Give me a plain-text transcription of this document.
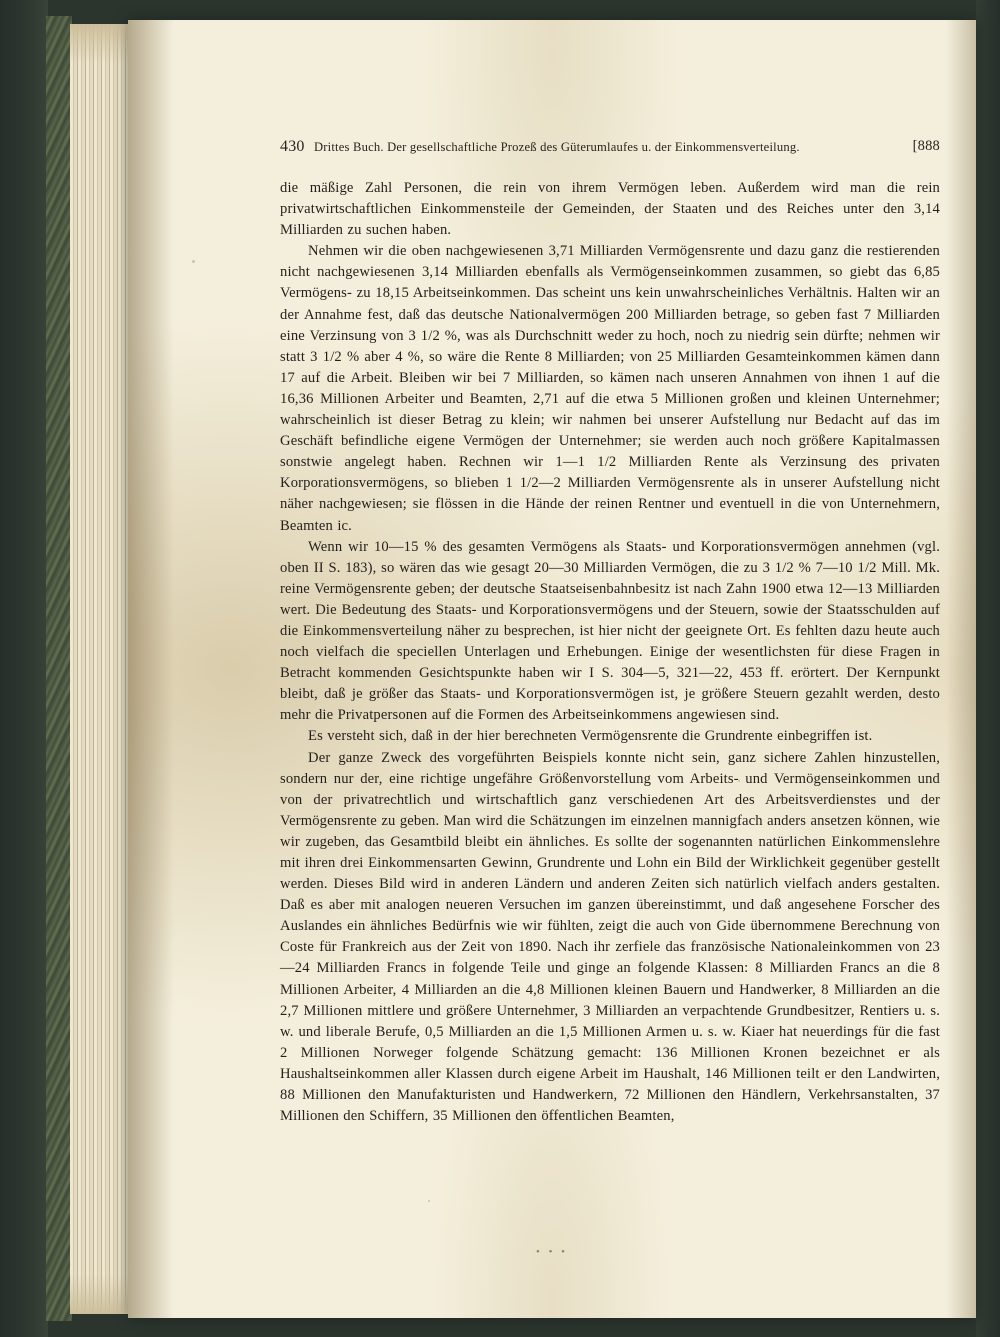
[888
430 Drittes Buch. Der gesellschaftliche Prozeß des Güterumlaufes u. der Einkommensverteilung.

die mäßige Zahl Personen, die rein von ihrem Vermögen leben. Außerdem wird man die rein privatwirtschaftlichen Einkommensteile der Gemeinden, der Staaten und des Reiches unter den 3,14 Milliarden zu suchen haben.

Nehmen wir die oben nachgewiesenen 3,71 Milliarden Vermögensrente und dazu ganz die restierenden nicht nachgewiesenen 3,14 Milliarden ebenfalls als Vermögenseinkommen zusammen, so giebt das 6,85 Vermögens- zu 18,15 Arbeitseinkommen. Das scheint uns kein unwahrscheinliches Verhältnis. Halten wir an der Annahme fest, daß das deutsche Nationalvermögen 200 Milliarden betrage, so geben fast 7 Milliarden eine Verzinsung von 3 1/2 %, was als Durchschnitt weder zu hoch, noch zu niedrig sein dürfte; nehmen wir statt 3 1/2 % aber 4 %, so wäre die Rente 8 Milliarden; von 25 Milliarden Gesamteinkommen kämen dann 17 auf die Arbeit. Bleiben wir bei 7 Milliarden, so kämen nach unseren Annahmen von ihnen 1 auf die 16,36 Millionen Arbeiter und Beamten, 2,71 auf die etwa 5 Millionen großen und kleinen Unternehmer; wahrscheinlich ist dieser Betrag zu klein; wir nahmen bei unserer Aufstellung nur Bedacht auf das im Geschäft befindliche eigene Vermögen der Unternehmer; sie werden auch noch größere Kapitalmassen sonstwie angelegt haben. Rechnen wir 1—1 1/2 Milliarden Rente als Verzinsung des privaten Korporationsvermögens, so blieben 1 1/2—2 Milliarden Vermögensrente als in unserer Aufstellung nicht näher nachgewiesen; sie flössen in die Hände der reinen Rentner und eventuell in die von Unternehmern, Beamten ic.

Wenn wir 10—15 % des gesamten Vermögens als Staats- und Korporationsvermögen annehmen (vgl. oben II S. 183), so wären das wie gesagt 20—30 Milliarden Vermögen, die zu 3 1/2 % 7—10 1/2 Mill. Mk. reine Vermögensrente geben; der deutsche Staatseisenbahnbesitz ist nach Zahn 1900 etwa 12—13 Milliarden wert. Die Bedeutung des Staats- und Korporationsvermögens und der Steuern, sowie der Staatsschulden auf die Einkommensverteilung näher zu besprechen, ist hier nicht der geeignete Ort. Es fehlten dazu heute auch noch vielfach die speciellen Unterlagen und Erhebungen. Einige der wesentlichsten für diese Fragen in Betracht kommenden Gesichtspunkte haben wir I S. 304—5, 321—22, 453 ff. erörtert. Der Kernpunkt bleibt, daß je größer das Staats- und Korporationsvermögen ist, je größere Steuern gezahlt werden, desto mehr die Privatpersonen auf die Formen des Arbeitseinkommens angewiesen sind.

Es versteht sich, daß in der hier berechneten Vermögensrente die Grundrente einbegriffen ist.

Der ganze Zweck des vorgeführten Beispiels konnte nicht sein, ganz sichere Zahlen hinzustellen, sondern nur der, eine richtige ungefähre Größenvorstellung vom Arbeits- und Vermögenseinkommen und von der privatrechtlich und wirtschaftlich ganz verschiedenen Art des Arbeitsverdienstes und der Vermögensrente zu geben. Man wird die Schätzungen im einzelnen mannigfach anders ansetzen können, wie wir zugeben, das Gesamtbild bleibt ein ähnliches. Es sollte der sogenannten natürlichen Einkommenslehre mit ihren drei Einkommensarten Gewinn, Grundrente und Lohn ein Bild der Wirklichkeit gegenüber gestellt werden. Dieses Bild wird in anderen Ländern und anderen Zeiten sich natürlich vielfach anders gestalten. Daß es aber mit analogen neueren Versuchen im ganzen übereinstimmt, und daß angesehene Forscher des Auslandes ein ähnliches Bedürfnis wie wir fühlten, zeigt die auch von Gide übernommene Berechnung von Coste für Frankreich aus der Zeit von 1890. Nach ihr zerfiele das französische Nationaleinkommen von 23—24 Milliarden Francs in folgende Teile und ginge an folgende Klassen: 8 Milliarden Francs an die 8 Millionen Arbeiter, 4 Milliarden an die 4,8 Millionen kleinen Bauern und Handwerker, 8 Milliarden an die 2,7 Millionen mittlere und größere Unternehmer, 3 Milliarden an verpachtende Grundbesitzer, Rentiers u. s. w. und liberale Berufe, 0,5 Milliarden an die 1,5 Millionen Armen u. s. w. Kiaer hat neuerdings für die fast 2 Millionen Norweger folgende Schätzung gemacht: 136 Millionen Kronen bezeichnet er als Haushaltseinkommen aller Klassen durch eigene Arbeit im Haushalt, 146 Millionen teilt er den Landwirten, 88 Millionen den Manufakturisten und Handwerkern, 72 Millionen den Händlern, Verkehrsanstalten, 37 Millionen den Schiffern, 35 Millionen den öffentlichen Beamten,

• • •
